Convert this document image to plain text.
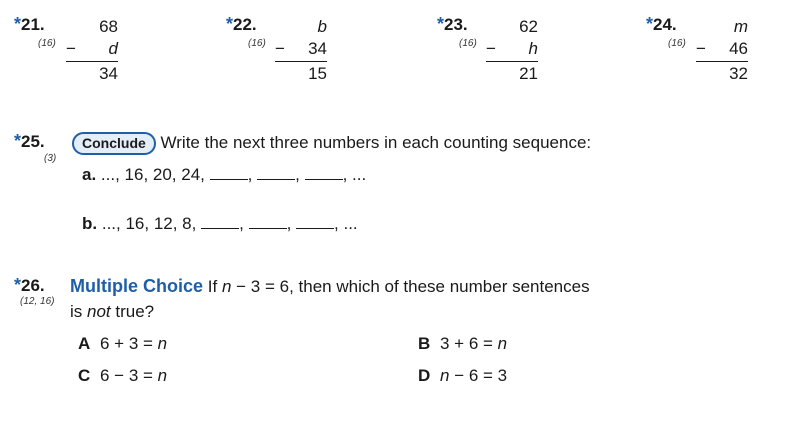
*21.
(16)
68
− d
34
*22.
(16)
b
− 34
15
*23.
(16)
62
− h
21
*24.
(16)
m
− 46
32
*25.
(3)
Conclude Write the next three numbers in each counting sequence:
a. ..., 16, 20, 24,	,	,	, ...
b. ..., 16, 12, 8,	,	,	, ...
*26.
(12, 16)
Multiple Choice If n − 3 = 6, then which of these number sentences
is not true?
A 6 + 3 = n	B 3 + 6 = n
C 6 − 3 = n	D n − 6 = 3
